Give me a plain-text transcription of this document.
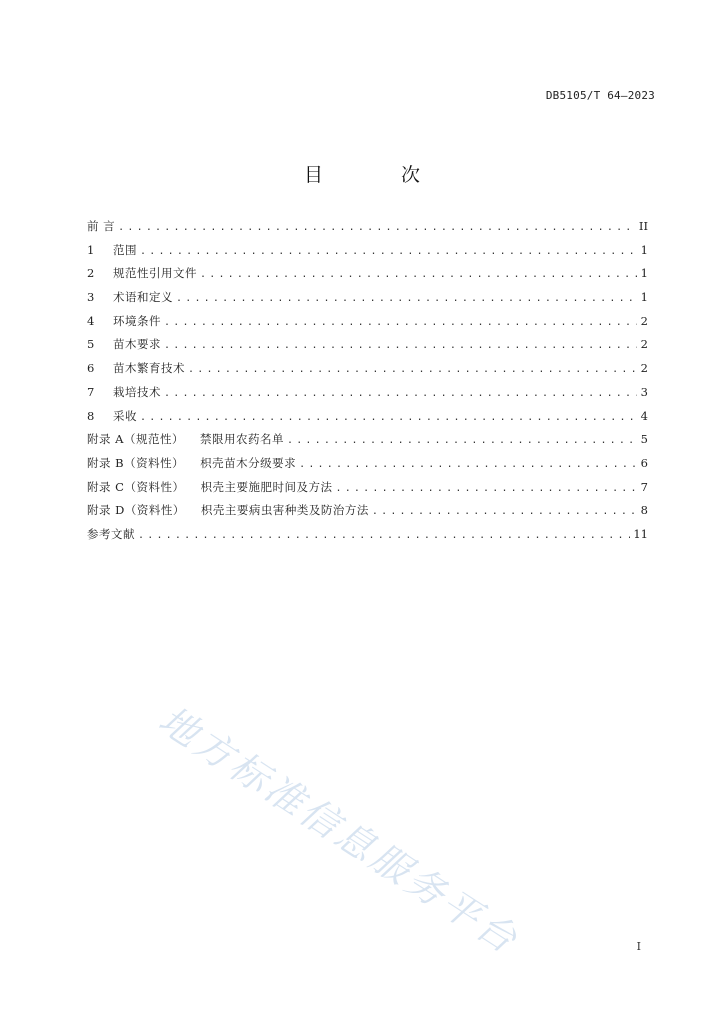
DB5105/T 64—2023
目 次
前 言 .....	II
1	范围 .....	1
2	规范性引用文件 .....	1
3	术语和定义 .....	1
4	环境条件 .....	2
5	苗木要求 .....	2
6	苗木繁育技术 .....	2
7	栽培技术 .....	3
8	采收 .....	4
附录 A（规范性） 禁限用农药名单 .....	5
附录 B（资料性） 枳壳苗木分级要求 .....	6
附录 C（资料性） 枳壳主要施肥时间及方法 .....	7
附录 D（资料性） 枳壳主要病虫害种类及防治方法 .....	8
参考文献 .....	11
地方标准信息服务平台	I
